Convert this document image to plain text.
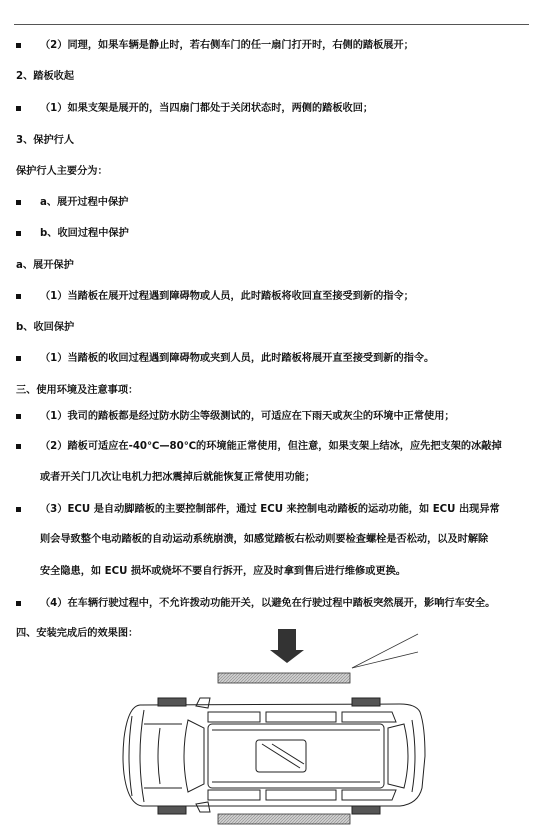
（2）同理，如果车辆是静止时，若右侧车门的任一扇门打开时，右侧的踏板展开；
2、踏板收起
（1）如果支架是展开的，当四扇门都处于关闭状态时，两侧的踏板收回；
3、保护行人
保护行人主要分为：
a、展开过程中保护
b、收回过程中保护
a、展开保护
（1）当踏板在展开过程遇到障碍物或人员，此时踏板将收回直至接受到新的指令；
b、收回保护
（1）当踏板的收回过程遇到障碍物或夹到人员，此时踏板将展开直至接受到新的指令。
三、使用环境及注意事项：
（1）我司的踏板都是经过防水防尘等级测试的，可适应在下雨天或灰尘的环境中正常使用；
（2）踏板可适应在-40℃—80℃的环境能正常使用，但注意，如果支架上结冰，应先把支架的冰敲掉
或者开关门几次让电机力把冰震掉后就能恢复正常使用功能；
（3）ECU 是自动脚踏板的主要控制部件，通过 ECU 来控制电动踏板的运动功能，如 ECU 出现异常
则会导致整个电动踏板的自动运动系统崩溃，如感觉踏板右松动则要检查螺栓是否松动，以及时解除
安全隐患，如 ECU 损坏或烧坏不要自行拆开，应及时拿到售后进行维修或更换。
（4）在车辆行驶过程中，不允许拨动功能开关，以避免在行驶过程中踏板突然展开，影响行车安全。
四、安装完成后的效果图：
